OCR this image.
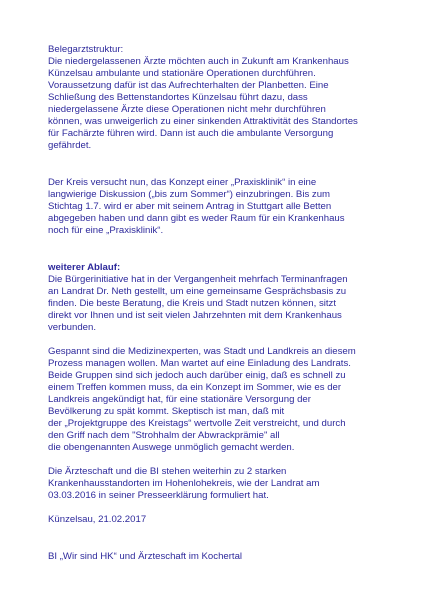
Belegarztstruktur:

Die niedergelassenen Ärzte möchten auch in Zukunft am Krankenhaus
Künzelsau ambulante und stationäre Operationen durchführen.
Voraussetzung dafür ist das Aufrechterhalten der Planbetten. Eine
Schließung des Bettenstandortes Künzelsau führt dazu, dass
niedergelassene Ärzte diese Operationen nicht mehr durchführen
können, was unweigerlich zu einer sinkenden Attraktivität des Standortes
für Fachärzte führen wird. Dann ist auch die ambulante Versorgung
gefährdet.

Der Kreis versucht nun, das Konzept einer „Praxisklinik“ in eine
langwierige Diskussion („bis zum Sommer“) einzubringen. Bis zum
Stichtag 1.7. wird er aber mit seinem Antrag in Stuttgart alle Betten
abgegeben haben und dann gibt es weder Raum für ein Krankenhaus
noch für eine „Praxisklinik“.

weiterer Ablauf:

Die Bürgerinitiative hat in der Vergangenheit mehrfach Terminanfragen
an Landrat Dr. Neth gestellt, um eine gemeinsame Gesprächsbasis zu
finden. Die beste Beratung, die Kreis und Stadt nutzen können, sitzt
direkt vor Ihnen und ist seit vielen Jahrzehnten mit dem Krankenhaus
verbunden.

Gespannt sind die Medizinexperten, was Stadt und Landkreis an diesem
Prozess managen wollen. Man wartet auf eine Einladung des Landrats.
Beide Gruppen sind sich jedoch auch darüber einig, daß es schnell zu
einem Treffen kommen muss, da ein Konzept im Sommer, wie es der
Landkreis angekündigt hat, für eine stationäre Versorgung der
Bevölkerung zu spät kommt. Skeptisch ist man, daß mit
der „Projektgruppe des Kreistags“ wertvolle Zeit verstreicht, und durch
den Griff nach dem "Strohhalm der Abwrackprämie" all
die obengenannten Auswege unmöglich gemacht werden.

Die Ärzteschaft und die BI stehen weiterhin zu 2 starken
Krankenhausstandorten im Hohenlohekreis, wie der Landrat am
03.03.2016 in seiner Presseerklärung formuliert hat.

Künzelsau, 21.02.2017

BI „Wir sind HK“ und Ärzteschaft im Kochertal
